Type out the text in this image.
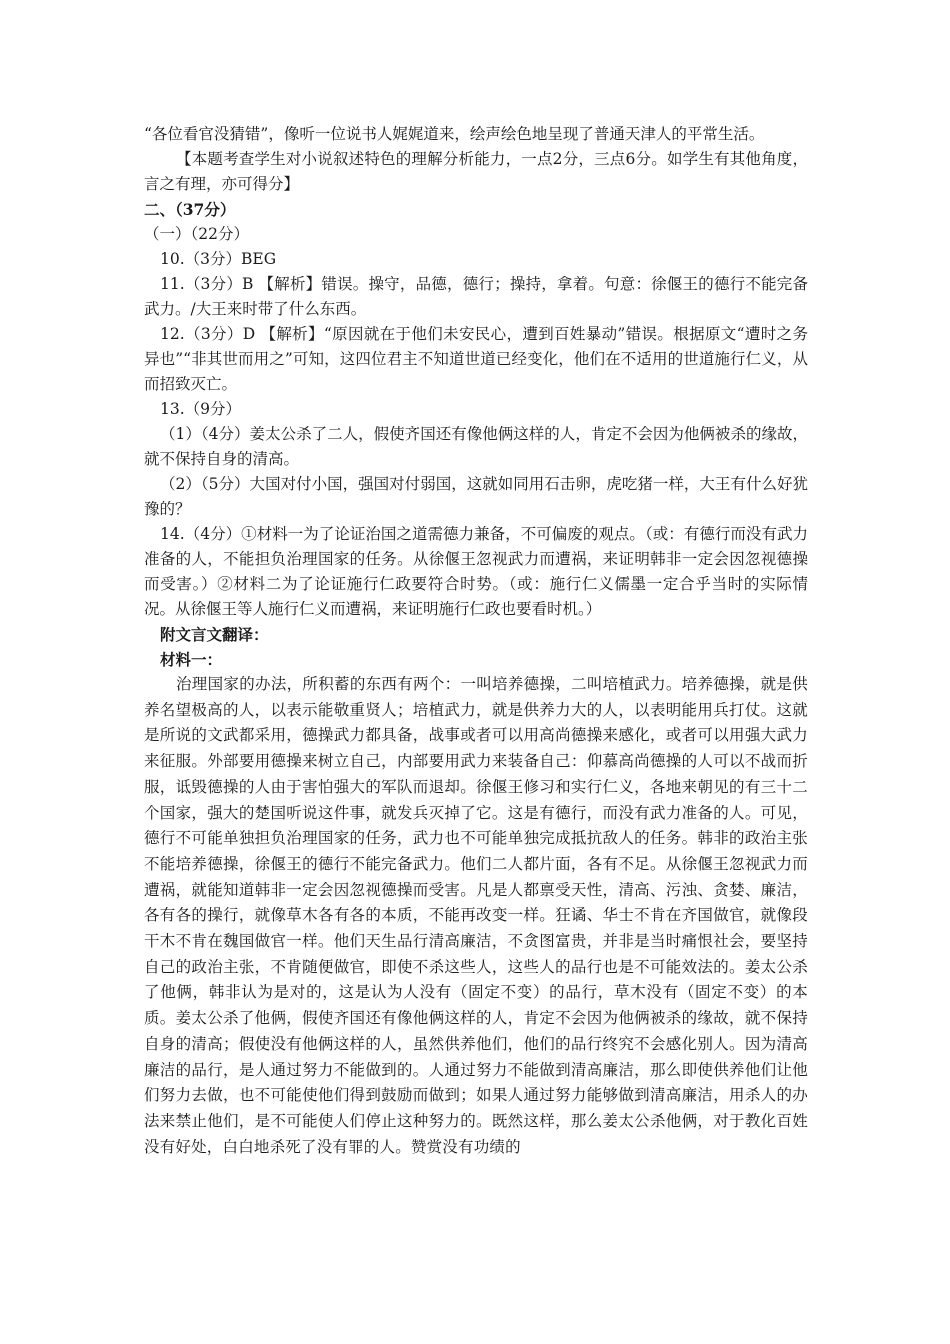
“各位看官没猜错”，像听一位说书人娓娓道来，绘声绘色地呈现了普通天津人的平常生活。

【本题考查学生对小说叙述特色的理解分析能力，一点2分，三点6分。如学生有其他角度，言之有理，亦可得分】

二、（37分）

（一）（22分）

10.（3分）BEG

11.（3分）B 【解析】错误。操守，品德，德行；操持，拿着。句意：徐偃王的德行不能完备武力。/大王来时带了什么东西。

12.（3分）D 【解析】“原因就在于他们未安民心，遭到百姓暴动”错误。根据原文“遭时之务异也”“非其世而用之”可知，这四位君主不知道世道已经变化，他们在不适用的世道施行仁义，从而招致灭亡。

13.（9分）

（1）（4分）姜太公杀了二人，假使齐国还有像他俩这样的人，肯定不会因为他俩被杀的缘故，就不保持自身的清高。

（2）（5分）大国对付小国，强国对付弱国，这就如同用石击卵，虎吃猪一样，大王有什么好犹豫的？

14.（4分）①材料一为了论证治国之道需德力兼备，不可偏废的观点。（或：有德行而没有武力准备的人，不能担负治理国家的任务。从徐偃王忽视武力而遭祸，来证明韩非一定会因忽视德操而受害。）②材料二为了论证施行仁政要符合时势。（或：施行仁义儒墨一定合乎当时的实际情况。从徐偃王等人施行仁义而遭祸，来证明施行仁政也要看时机。）

附文言文翻译：

材料一：

治理国家的办法，所积蓄的东西有两个：一叫培养德操，二叫培植武力。培养德操，就是供养名望极高的人，以表示能敬重贤人；培植武力，就是供养力大的人，以表明能用兵打仗。这就是所说的文武都采用，德操武力都具备，战事或者可以用高尚德操来感化，或者可以用强大武力来征服。外部要用德操来树立自己，内部要用武力来装备自己：仰慕高尚德操的人可以不战而折服，诋毁德操的人由于害怕强大的军队而退却。徐偃王修习和实行仁义，各地来朝见的有三十二个国家，强大的楚国听说这件事，就发兵灭掉了它。这是有德行，而没有武力准备的人。可见，德行不可能单独担负治理国家的任务，武力也不可能单独完成抵抗敌人的任务。韩非的政治主张不能培养德操，徐偃王的德行不能完备武力。他们二人都片面，各有不足。从徐偃王忽视武力而遭祸，就能知道韩非一定会因忽视德操而受害。凡是人都禀受天性，清高、污浊、贪婪、廉洁，各有各的操行，就像草木各有各的本质，不能再改变一样。狂谲、华士不肯在齐国做官，就像段干木不肯在魏国做官一样。他们天生品行清高廉洁，不贪图富贵，并非是当时痛恨社会，要坚持自己的政治主张，不肯随便做官，即使不杀这些人，这些人的品行也是不可能效法的。姜太公杀了他俩，韩非认为是对的，这是认为人没有（固定不变）的品行，草木没有（固定不变）的本质。姜太公杀了他俩，假使齐国还有像他俩这样的人，肯定不会因为他俩被杀的缘故，就不保持自身的清高；假使没有他俩这样的人，虽然供养他们，他们的品行终究不会感化别人。因为清高廉洁的品行，是人通过努力不能做到的。人通过努力不能做到清高廉洁，那么即使供养他们让他们努力去做，也不可能使他们得到鼓励而做到；如果人通过努力能够做到清高廉洁，用杀人的办法来禁止他们，是不可能使人们停止这种努力的。既然这样，那么姜太公杀他俩，对于教化百姓没有好处，白白地杀死了没有罪的人。赞赏没有功绩的
